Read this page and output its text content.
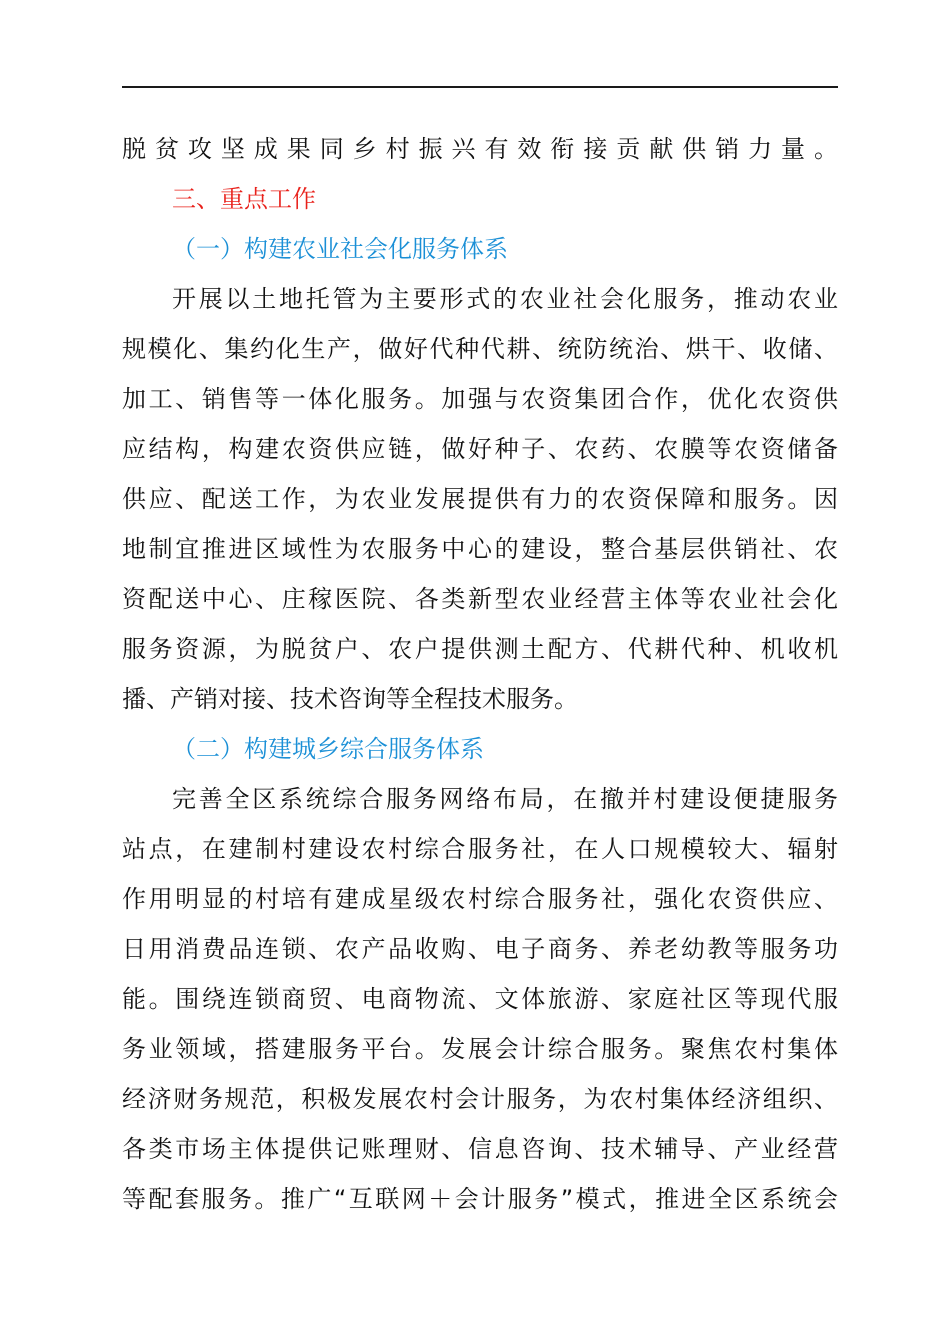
脱贫攻坚成果同乡村振兴有效衔接贡献供销力量。
三、重点工作
（一）构建农业社会化服务体系
开展以土地托管为主要形式的农业社会化服务，推动农业
规模化、集约化生产，做好代种代耕、统防统治、烘干、收储、
加工、销售等一体化服务。加强与农资集团合作，优化农资供
应结构，构建农资供应链，做好种子、农药、农膜等农资储备
供应、配送工作，为农业发展提供有力的农资保障和服务。因
地制宜推进区域性为农服务中心的建设，整合基层供销社、农
资配送中心、庄稼医院、各类新型农业经营主体等农业社会化
服务资源，为脱贫户、农户提供测土配方、代耕代种、机收机
播、产销对接、技术咨询等全程技术服务。
（二）构建城乡综合服务体系
完善全区系统综合服务网络布局，在撤并村建设便捷服务
站点，在建制村建设农村综合服务社，在人口规模较大、辐射
作用明显的村培有建成星级农村综合服务社，强化农资供应、
日用消费品连锁、农产品收购、电子商务、养老幼教等服务功
能。围绕连锁商贸、电商物流、文体旅游、家庭社区等现代服
务业领域，搭建服务平台。发展会计综合服务。聚焦农村集体
经济财务规范，积极发展农村会计服务，为农村集体经济组织、
各类市场主体提供记账理财、信息咨询、技术辅导、产业经营
等配套服务。推广“互联网＋会计服务”模式，推进全区系统会
